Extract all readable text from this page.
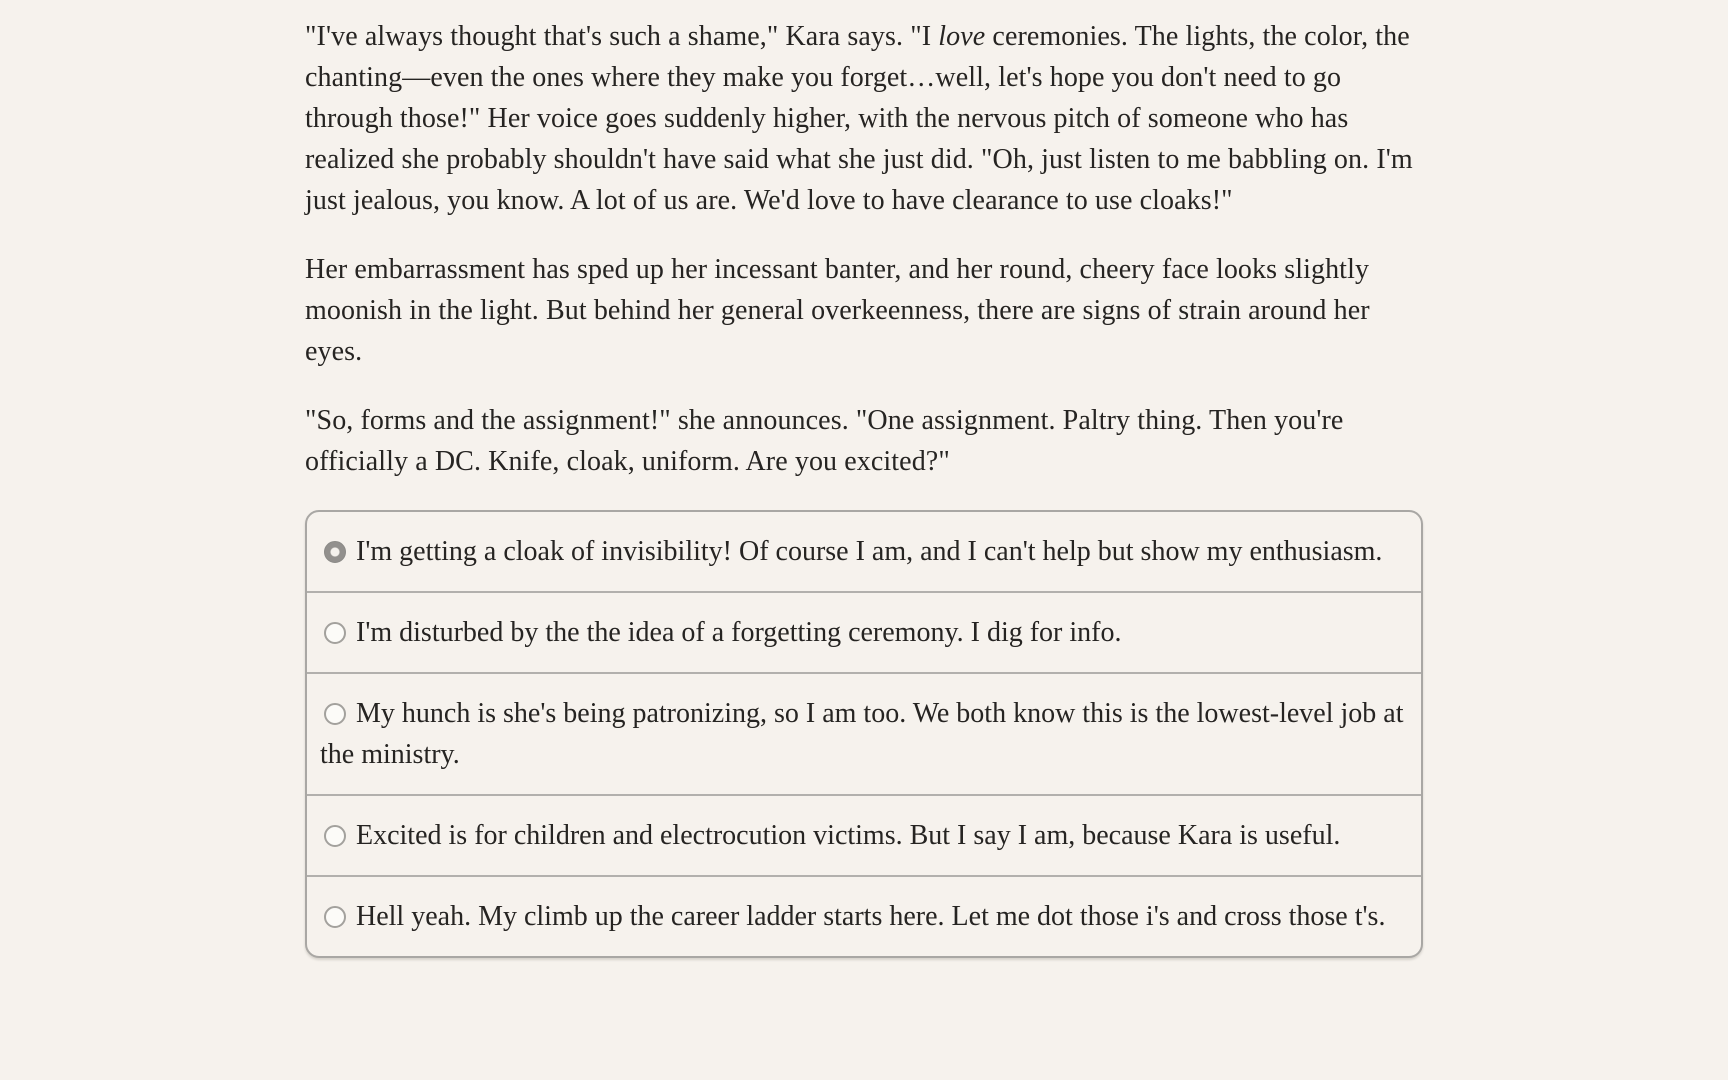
"I've always thought that's such a shame," Kara says. "I love ceremonies. The lights, the color, the chanting—even the ones where they make you forget…well, let's hope you don't need to go through those!" Her voice goes suddenly higher, with the nervous pitch of someone who has realized she probably shouldn't have said what she just did. "Oh, just listen to me babbling on. I'm just jealous, you know. A lot of us are. We'd love to have clearance to use cloaks!"

Her embarrassment has sped up her incessant banter, and her round, cheery face looks slightly moonish in the light. But behind her general overkeenness, there are signs of strain around her eyes.

"So, forms and the assignment!" she announces. "One assignment. Paltry thing. Then you're officially a DC. Knife, cloak, uniform. Are you excited?"

I'm getting a cloak of invisibility! Of course I am, and I can't help but show my enthusiasm.
I'm disturbed by the the idea of a forgetting ceremony. I dig for info.
My hunch is she's being patronizing, so I am too. We both know this is the lowest-level job at the ministry.
Excited is for children and electrocution victims. But I say I am, because Kara is useful.
Hell yeah. My climb up the career ladder starts here. Let me dot those i's and cross those t's.
